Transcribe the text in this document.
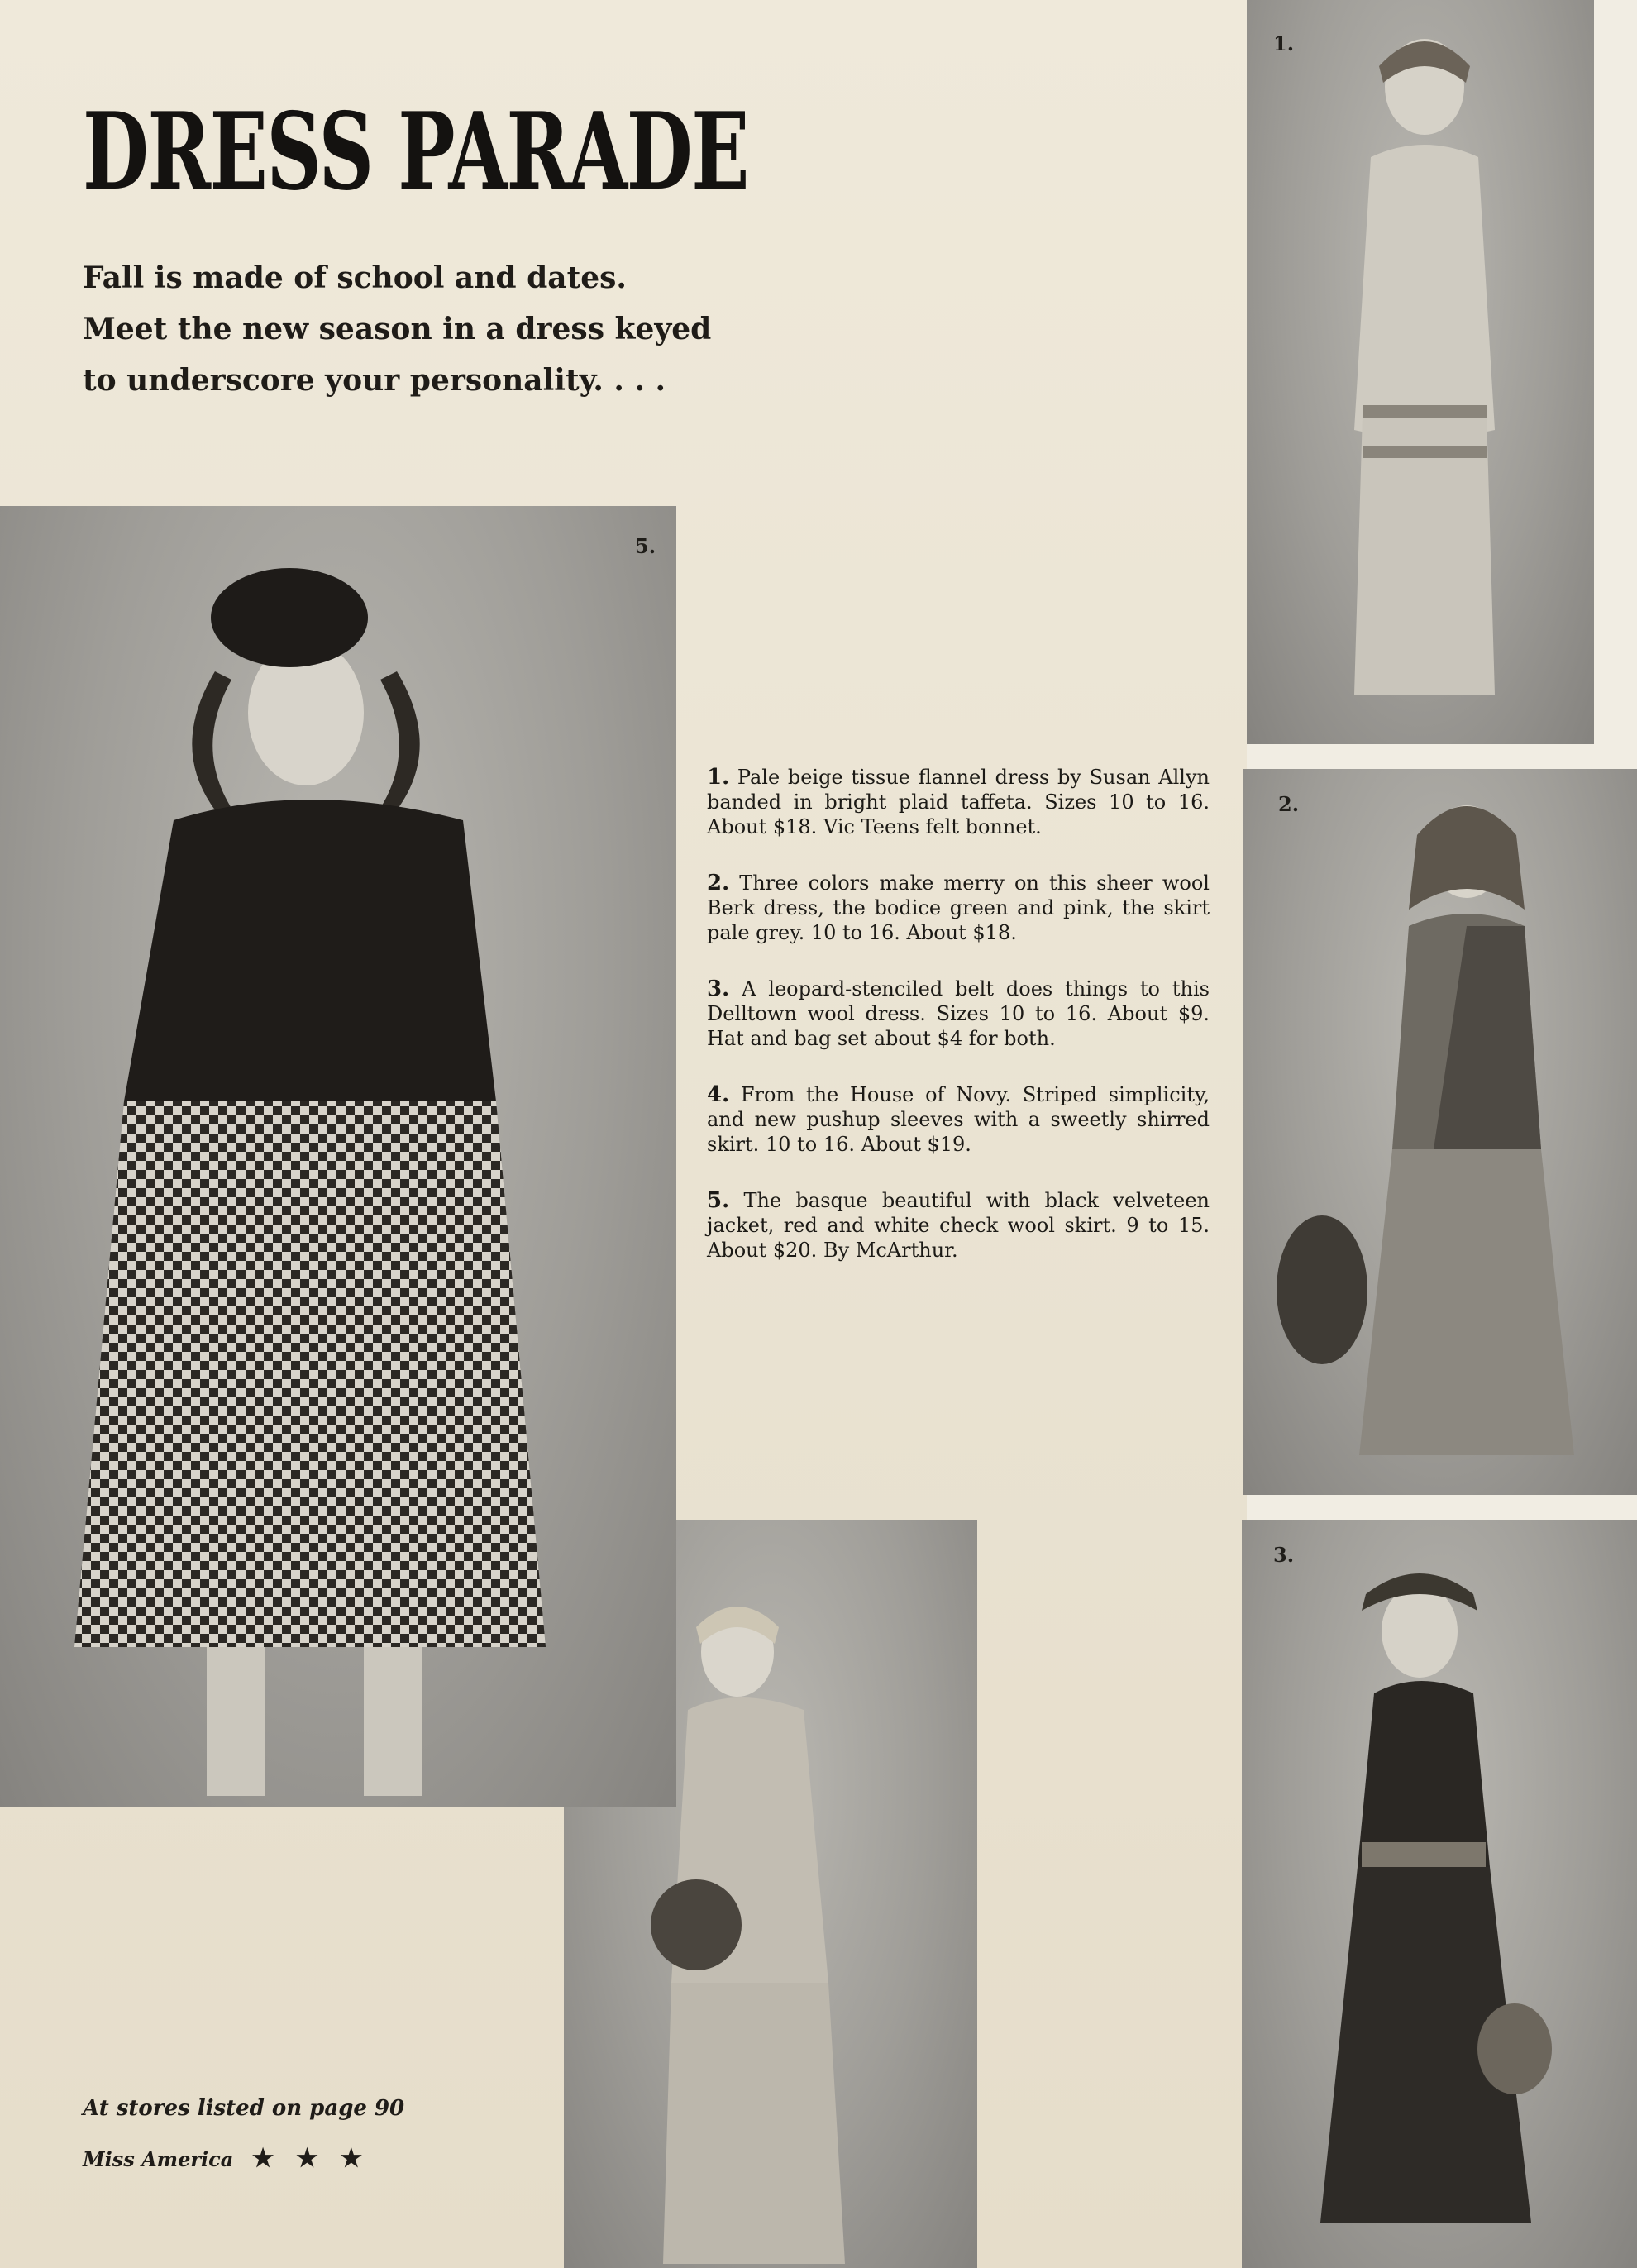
DRESS PARADE
Fall is made of school and dates.
Meet the new season in a dress keyed
to underscore your personality. . . .
1.
2.
3.
5.

1. Pale beige tissue flannel dress by Susan Allyn banded in bright plaid taffeta. Sizes 10 to 16. About $18. Vic Teens felt bonnet.

2. Three colors make merry on this sheer wool Berk dress, the bodice green and pink, the skirt pale grey. 10 to 16. About $18.

3. A leopard-stenciled belt does things to this Delltown wool dress. Sizes 10 to 16. About $9. Hat and bag set about $4 for both.

4. From the House of Novy. Striped simplicity, and new pushup sleeves with a sweetly shirred skirt. 10 to 16. About $19.

5. The basque beautiful with black velveteen jacket, red and white check wool skirt. 9 to 15. About $20. By McArthur.

At stores listed on page 90
Miss America ★ ★ ★
